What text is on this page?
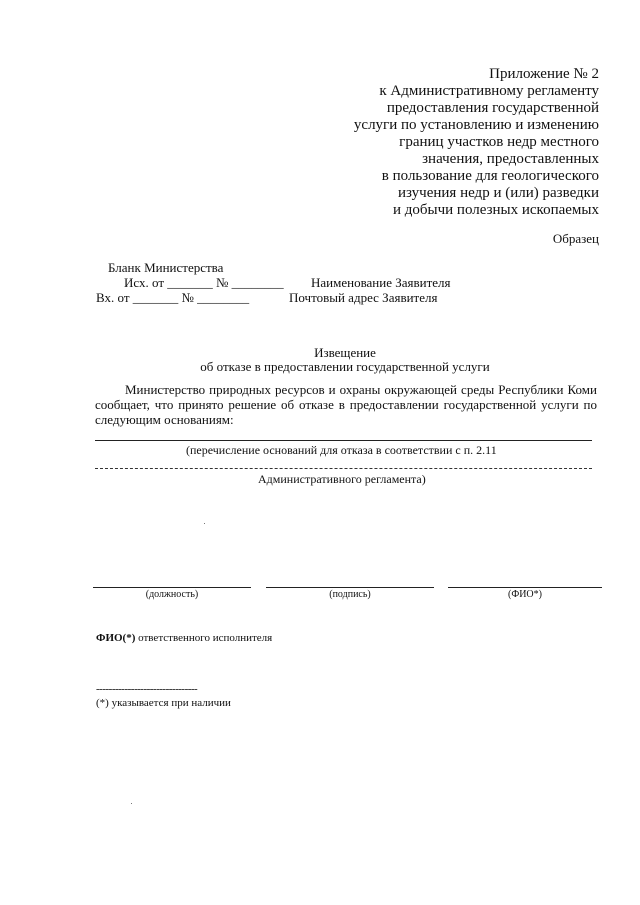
Приложение № 2
к Административному регламенту
предоставления государственной
услуги по установлению и изменению
границ участков недр местного
значения, предоставленных
в пользование для геологического
изучения недр и (или) разведки
и добычи полезных ископаемых
Образец
Бланк Министерства
Исх. от _______ № ________
Вх. от _______ № ________
Наименование Заявителя
Почтовый адрес Заявителя
Извещение
об отказе в предоставлении государственной услуги

Министерство природных ресурсов и охраны окружающей среды Республики Коми сообщает, что принято решение об отказе в предоставлении государственной услуги по следующим основаниям:

(перечисление оснований для отказа в соответствии с п. 2.11
Административного регламента)
(должность)	(подпись)	(ФИО*)
ФИО(*) ответственного исполнителя
--------------------------------
(*) указывается при наличии
